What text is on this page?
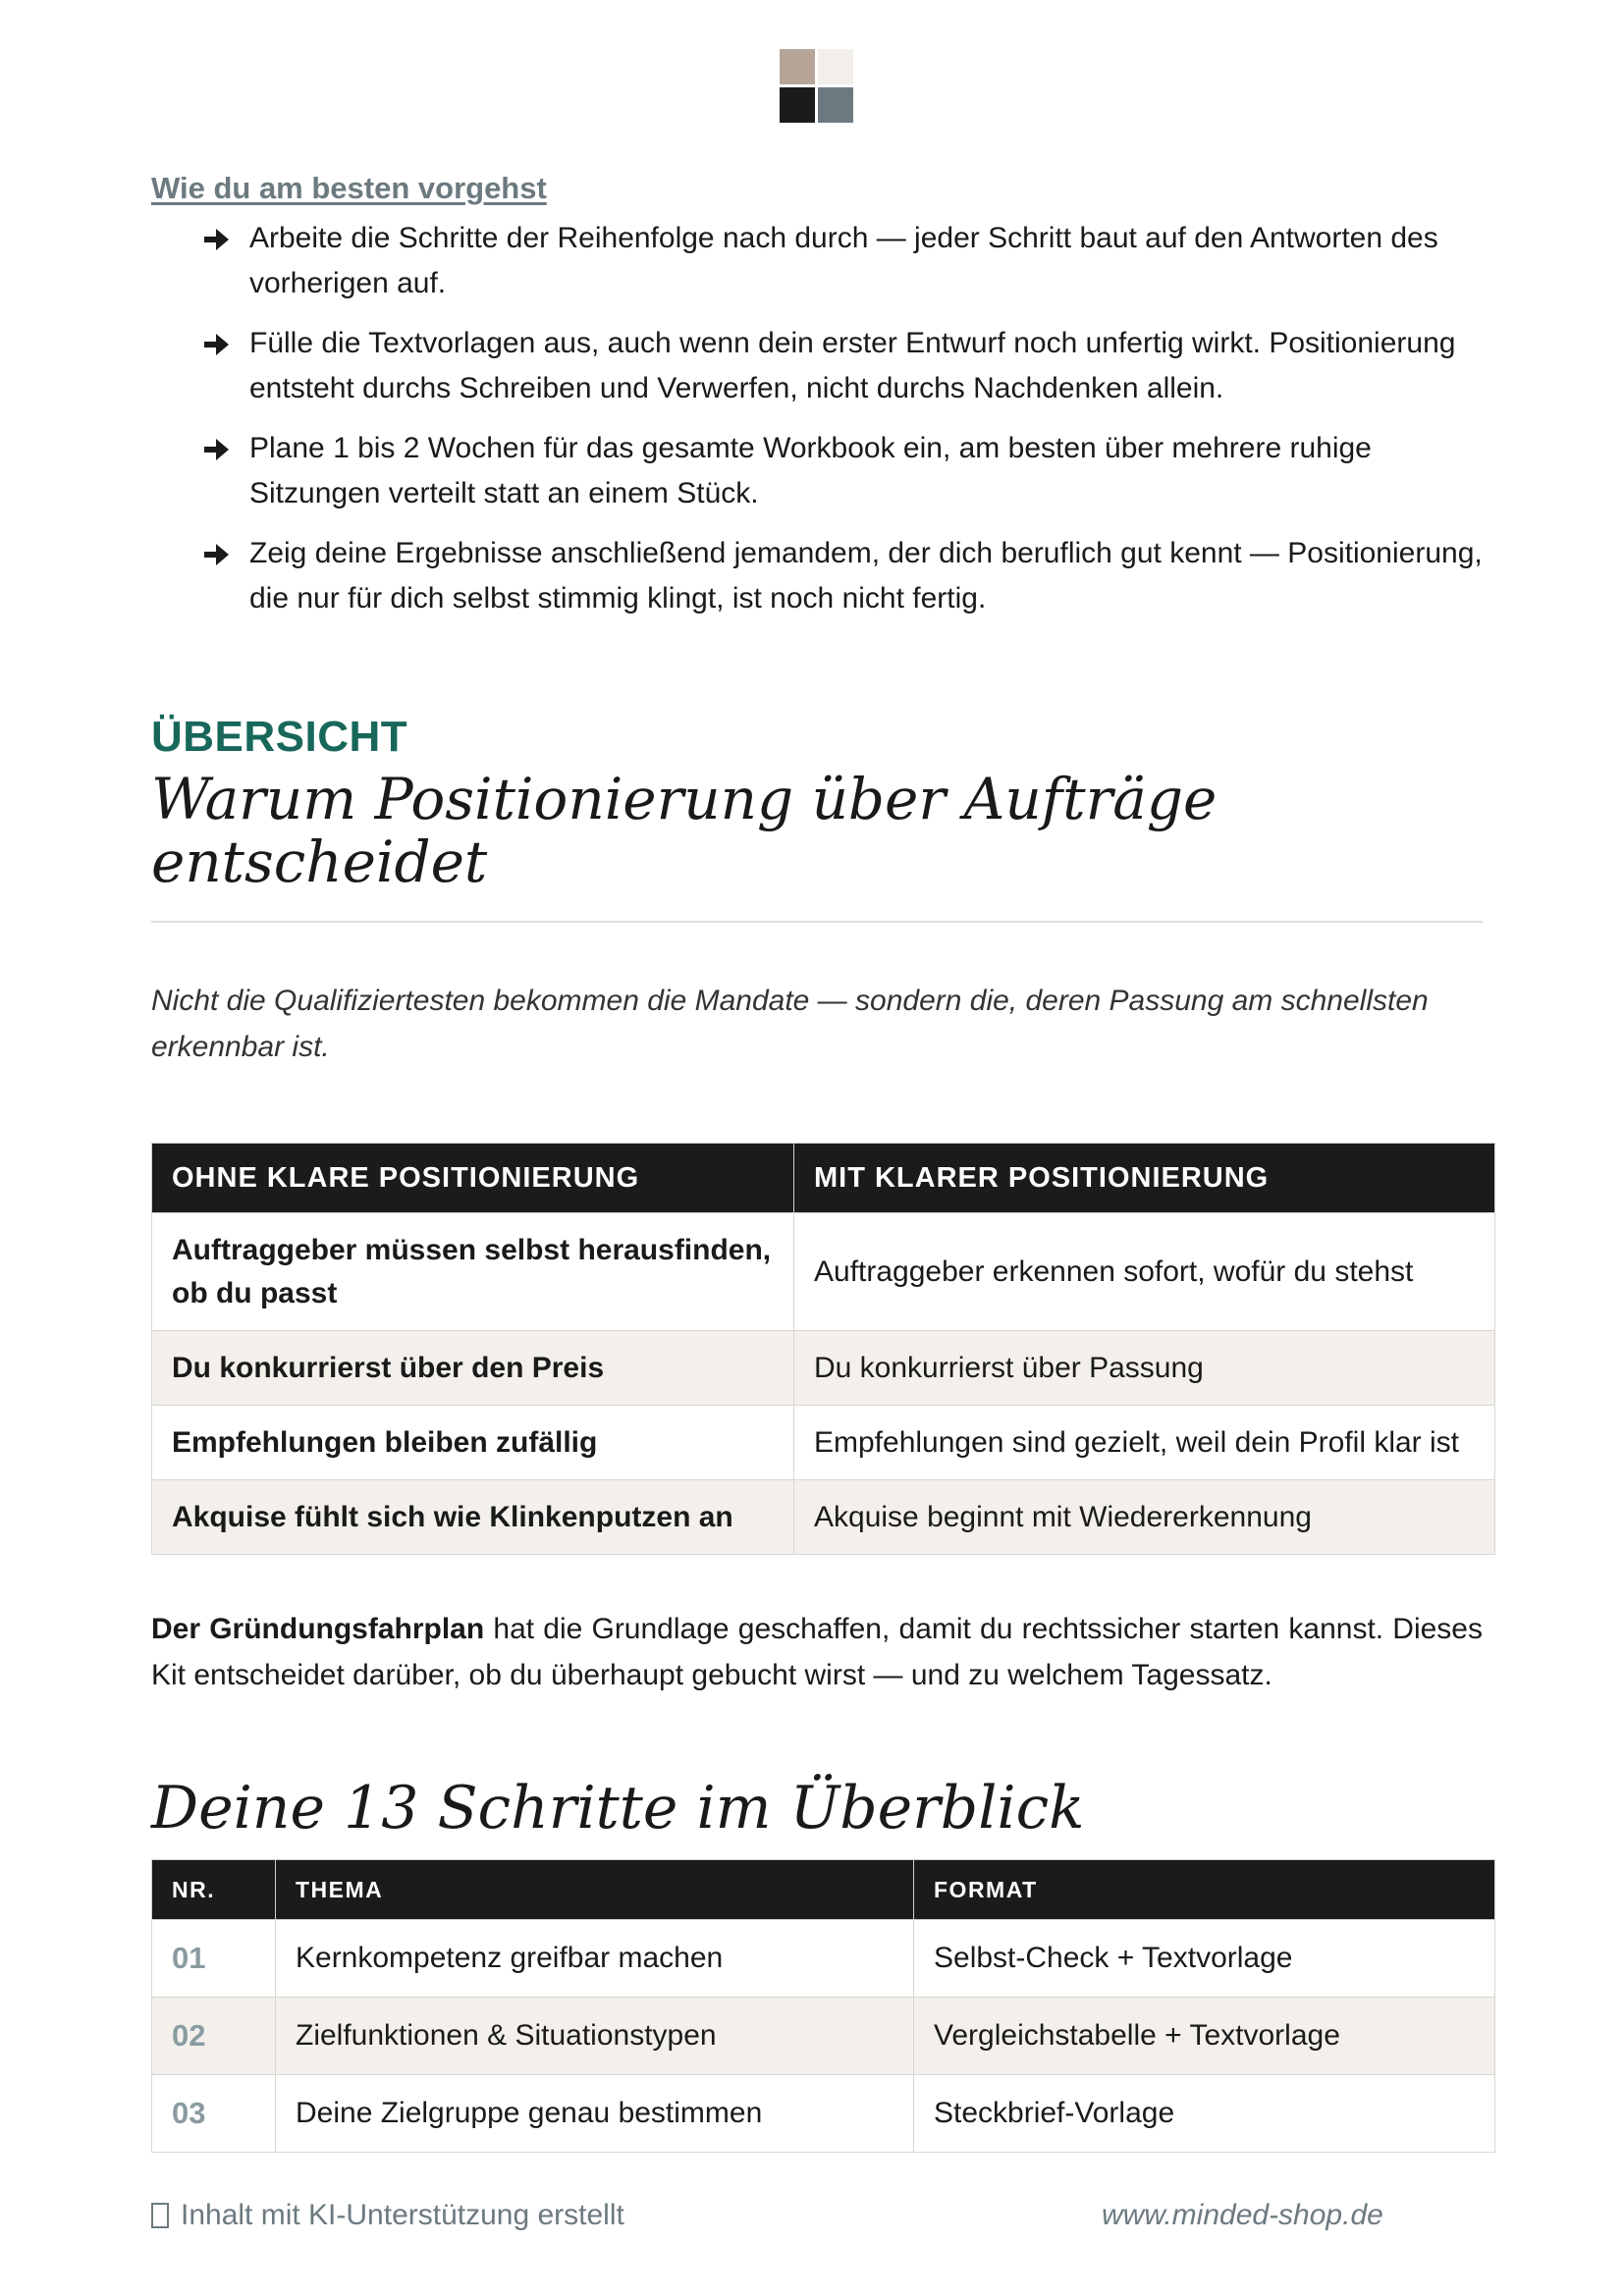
Wie du am besten vorgehst
Arbeite die Schritte der Reihenfolge nach durch — jeder Schritt baut auf den Antworten des vorherigen auf.
Fülle die Textvorlagen aus, auch wenn dein erster Entwurf noch unfertig wirkt. Positionierung entsteht durchs Schreiben und Verwerfen, nicht durchs Nachdenken allein.
Plane 1 bis 2 Wochen für das gesamte Workbook ein, am besten über mehrere ruhige Sitzungen verteilt statt an einem Stück.
Zeig deine Ergebnisse anschließend jemandem, der dich beruflich gut kennt — Positionierung, die nur für dich selbst stimmig klingt, ist noch nicht fertig.
ÜBERSICHT
Warum Positionierung über Aufträge entscheidet
Nicht die Qualifiziertesten bekommen die Mandate — sondern die, deren Passung am schnellsten erkennbar ist.
OHNE KLARE POSITIONIERUNG	MIT KLARER POSITIONIERUNG
Auftraggeber müssen selbst herausfinden, ob du passt	Auftraggeber erkennen sofort, wofür du stehst
Du konkurrierst über den Preis	Du konkurrierst über Passung
Empfehlungen bleiben zufällig	Empfehlungen sind gezielt, weil dein Profil klar ist
Akquise fühlt sich wie Klinkenputzen an	Akquise beginnt mit Wiedererkennung
Der Gründungsfahrplan hat die Grundlage geschaffen, damit du rechtssicher starten kannst. Dieses Kit entscheidet darüber, ob du überhaupt gebucht wirst — und zu welchem Tagessatz.
Deine 13 Schritte im Überblick
NR.	THEMA	FORMAT
01	Kernkompetenz greifbar machen	Selbst-Check + Textvorlage
02	Zielfunktionen & Situationstypen	Vergleichstabelle + Textvorlage
03	Deine Zielgruppe genau bestimmen	Steckbrief-Vorlage
Inhalt mit KI-Unterstützung erstellt	www.minded-shop.de
